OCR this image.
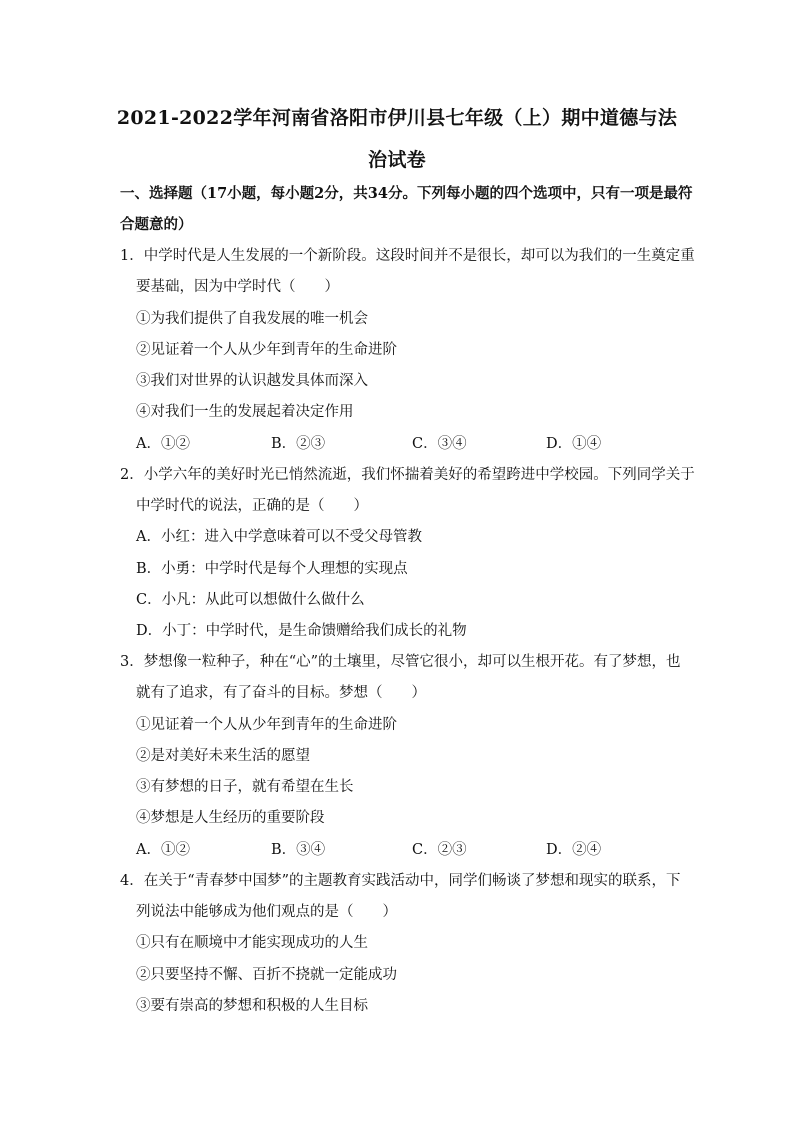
2021-2022学年河南省洛阳市伊川县七年级（上）期中道德与法
治试卷
一、选择题（17小题，每小题2分，共34分。下列每小题的四个选项中，只有一项是最符
合题意的）
1．中学时代是人生发展的一个新阶段。这段时间并不是很长，却可以为我们的一生奠定重
要基础，因为中学时代（　　）
①为我们提供了自我发展的唯一机会
②见证着一个人从少年到青年的生命进阶
③我们对世界的认识越发具体而深入
④对我们一生的发展起着决定作用
A．①②	B．②③	C．③④	D．①④
2．小学六年的美好时光已悄然流逝，我们怀揣着美好的希望跨进中学校园。下列同学关于
中学时代的说法，正确的是（　　）
A．小红：进入中学意味着可以不受父母管教
B．小勇：中学时代是每个人理想的实现点
C．小凡：从此可以想做什么做什么
D．小丁：中学时代，是生命馈赠给我们成长的礼物
3．梦想像一粒种子，种在“心”的土壤里，尽管它很小，却可以生根开花。有了梦想，也
就有了追求，有了奋斗的目标。梦想（　　）
①见证着一个人从少年到青年的生命进阶
②是对美好未来生活的愿望
③有梦想的日子，就有希望在生长
④梦想是人生经历的重要阶段
A．①②	B．③④	C．②③	D．②④
4．在关于“青春梦中国梦”的主题教育实践活动中，同学们畅谈了梦想和现实的联系，下
列说法中能够成为他们观点的是（　　）
①只有在顺境中才能实现成功的人生
②只要坚持不懈、百折不挠就一定能成功
③要有崇高的梦想和积极的人生目标
